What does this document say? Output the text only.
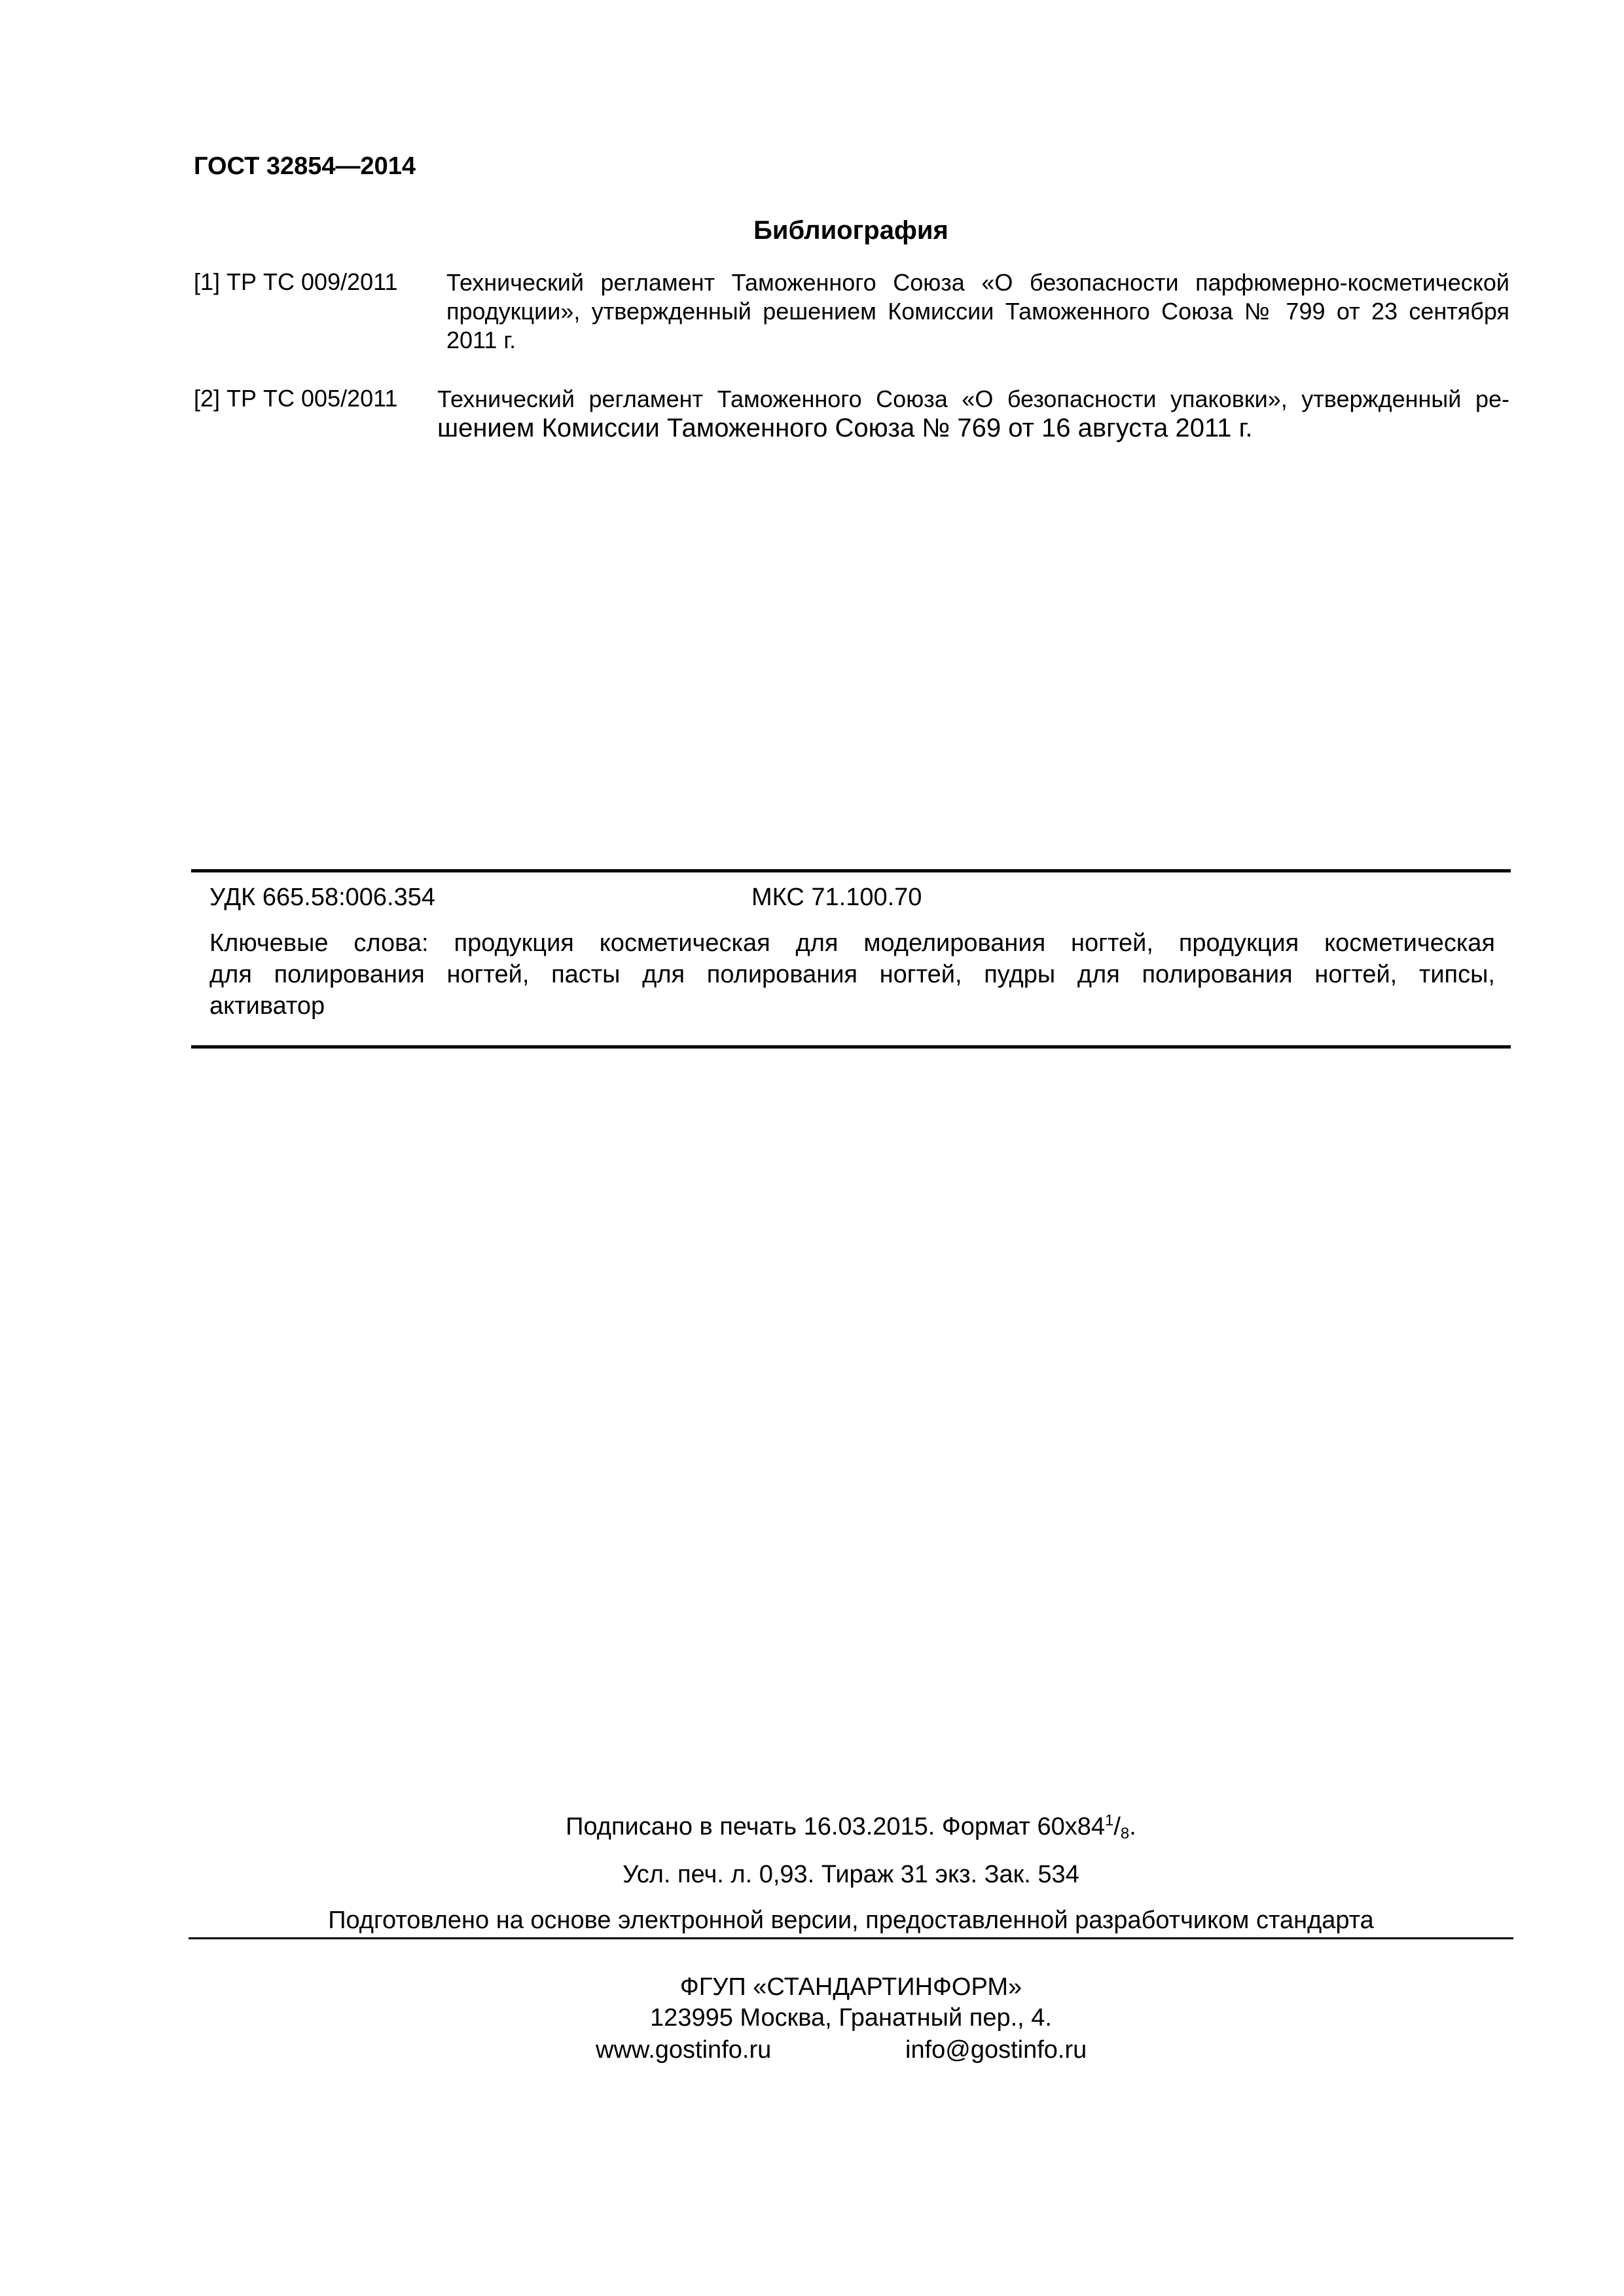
ГОСТ 32854—2014
Библиография
[1] ТР ТС 009/2011 Технический регламент Таможенного Союза «О безопасности парфюмерно-косметической
продукции», утвержденный решением Комиссии Таможенного Союза № 799 от 23 сентября
2011 г.
[2] ТР ТС 005/2011 Технический регламент Таможенного Союза «О безопасности упаковки», утвержденный ре-
шением Комиссии Таможенного Союза № 769 от 16 августа 2011 г.
УДК 665.58:006.354	МКС 71.100.70
Ключевые слова: продукция косметическая для моделирования ногтей, продукция косметическая
для полирования ногтей, пасты для полирования ногтей, пудры для полирования ногтей, типсы,
активатор
Подписано в печать 16.03.2015. Формат $60x84^1/_8$.
Усл. печ. л. 0,93. Тираж 31 экз. Зак. 534
Подготовлено на основе электронной версии, предоставленной разработчиком стандарта
ФГУП «СТАНДАРТИНФОРМ»
123995 Москва, Гранатный пер., 4.
www.gostinfo.ru	info@gostinfo.ru
